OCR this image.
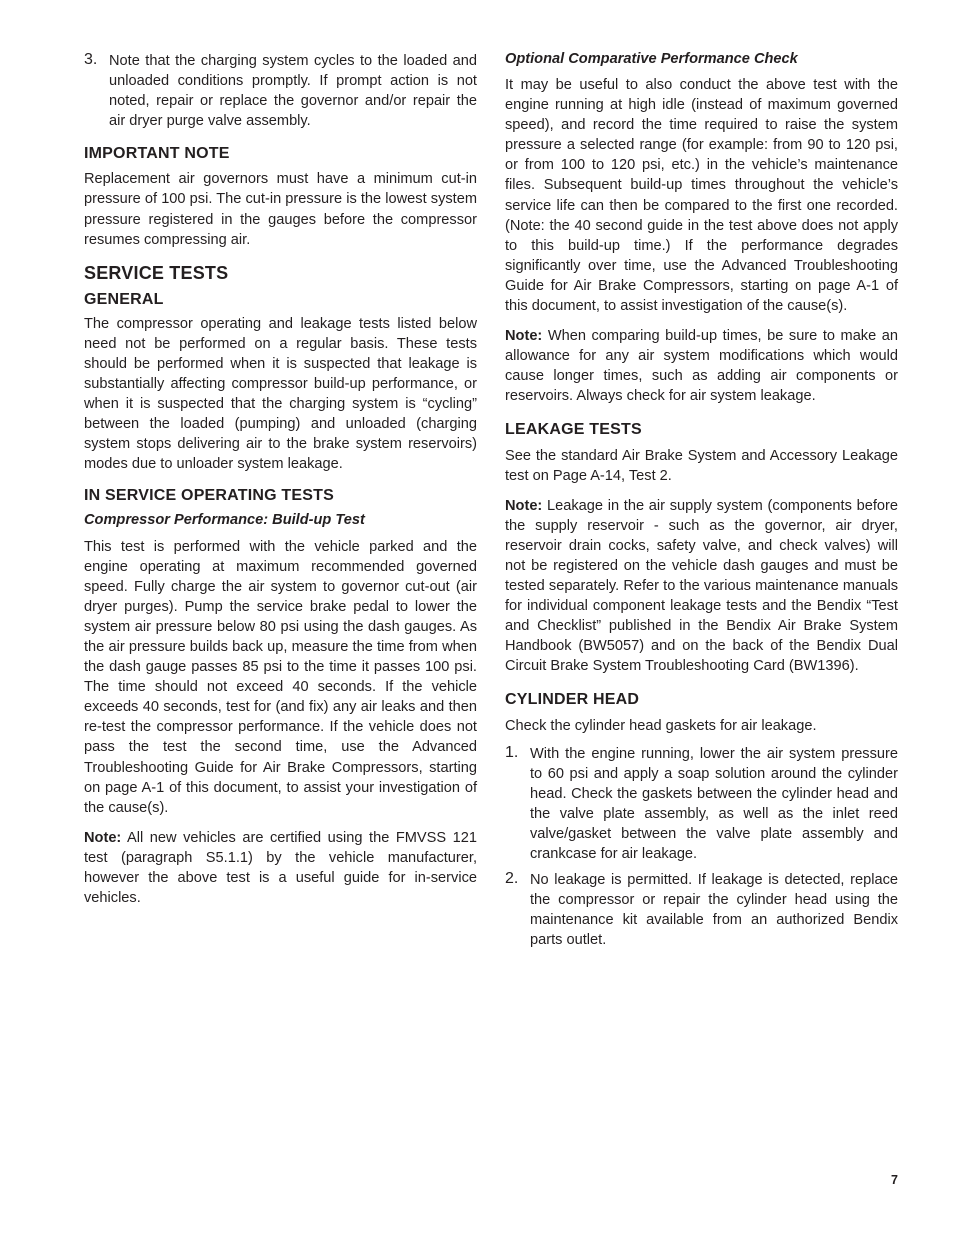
3. Note that the charging system cycles to the loaded and unloaded conditions promptly. If prompt action is not noted, repair or replace the governor and/or repair the air dryer purge valve assembly.

IMPORTANT NOTE

Replacement air governors must have a minimum cut-in pressure of 100 psi. The cut-in pressure is the lowest system pressure registered in the gauges before the compressor resumes compressing air.

SERVICE TESTS
GENERAL

The compressor operating and leakage tests listed below need not be performed on a regular basis. These tests should be performed when it is suspected that leakage is substantially affecting compressor build-up performance, or when it is suspected that the charging system is “cycling” between the loaded (pumping) and unloaded (charging system stops delivering air to the brake system reservoirs) modes due to unloader system leakage.

IN SERVICE OPERATING TESTS
Compressor Performance: Build-up Test

This test is performed with the vehicle parked and the engine operating at maximum recommended governed speed. Fully charge the air system to governor cut-out (air dryer purges). Pump the service brake pedal to lower the system air pressure below 80 psi using the dash gauges. As the air pressure builds back up, measure the time from when the dash gauge passes 85 psi to the time it passes 100 psi. The time should not exceed 40 seconds. If the vehicle exceeds 40 seconds, test for (and fix) any air leaks and then re-test the compressor performance. If the vehicle does not pass the test the second time, use the Advanced Troubleshooting Guide for Air Brake Compressors, starting on page A-1 of this document, to assist your investigation of the cause(s).

Note: All new vehicles are certified using the FMVSS 121 test (paragraph S5.1.1) by the vehicle manufacturer, however the above test is a useful guide for in-service vehicles.

Optional Comparative Performance Check

It may be useful to also conduct the above test with the engine running at high idle (instead of maximum governed speed), and record the time required to raise the system pressure a selected range (for example: from 90 to 120 psi, or from 100 to 120 psi, etc.) in the vehicle’s maintenance files. Subsequent build-up times throughout the vehicle’s service life can then be compared to the first one recorded. (Note: the 40 second guide in the test above does not apply to this build-up time.) If the performance degrades significantly over time, use the Advanced Troubleshooting Guide for Air Brake Compressors, starting on page A-1 of this document, to assist investigation of the cause(s).

Note: When comparing build-up times, be sure to make an allowance for any air system modifications which would cause longer times, such as adding air components or reservoirs. Always check for air system leakage.

LEAKAGE TESTS

See the standard Air Brake System and Accessory Leakage test on Page A-14, Test 2.

Note: Leakage in the air supply system (components before the supply reservoir - such as the governor, air dryer, reservoir drain cocks, safety valve, and check valves) will not be registered on the vehicle dash gauges and must be tested separately. Refer to the various maintenance manuals for individual component leakage tests and the Bendix “Test and Checklist” published in the Bendix Air Brake System Handbook (BW5057) and on the back of the Bendix Dual Circuit Brake System Troubleshooting Card (BW1396).

CYLINDER HEAD

Check the cylinder head gaskets for air leakage.

1. With the engine running, lower the air system pressure to 60 psi and apply a soap solution around the cylinder head. Check the gaskets between the cylinder head and the valve plate assembly, as well as the inlet reed valve/gasket between the valve plate assembly and crankcase for air leakage.

2. No leakage is permitted. If leakage is detected, replace the compressor or repair the cylinder head using the maintenance kit available from an authorized Bendix parts outlet.

7
